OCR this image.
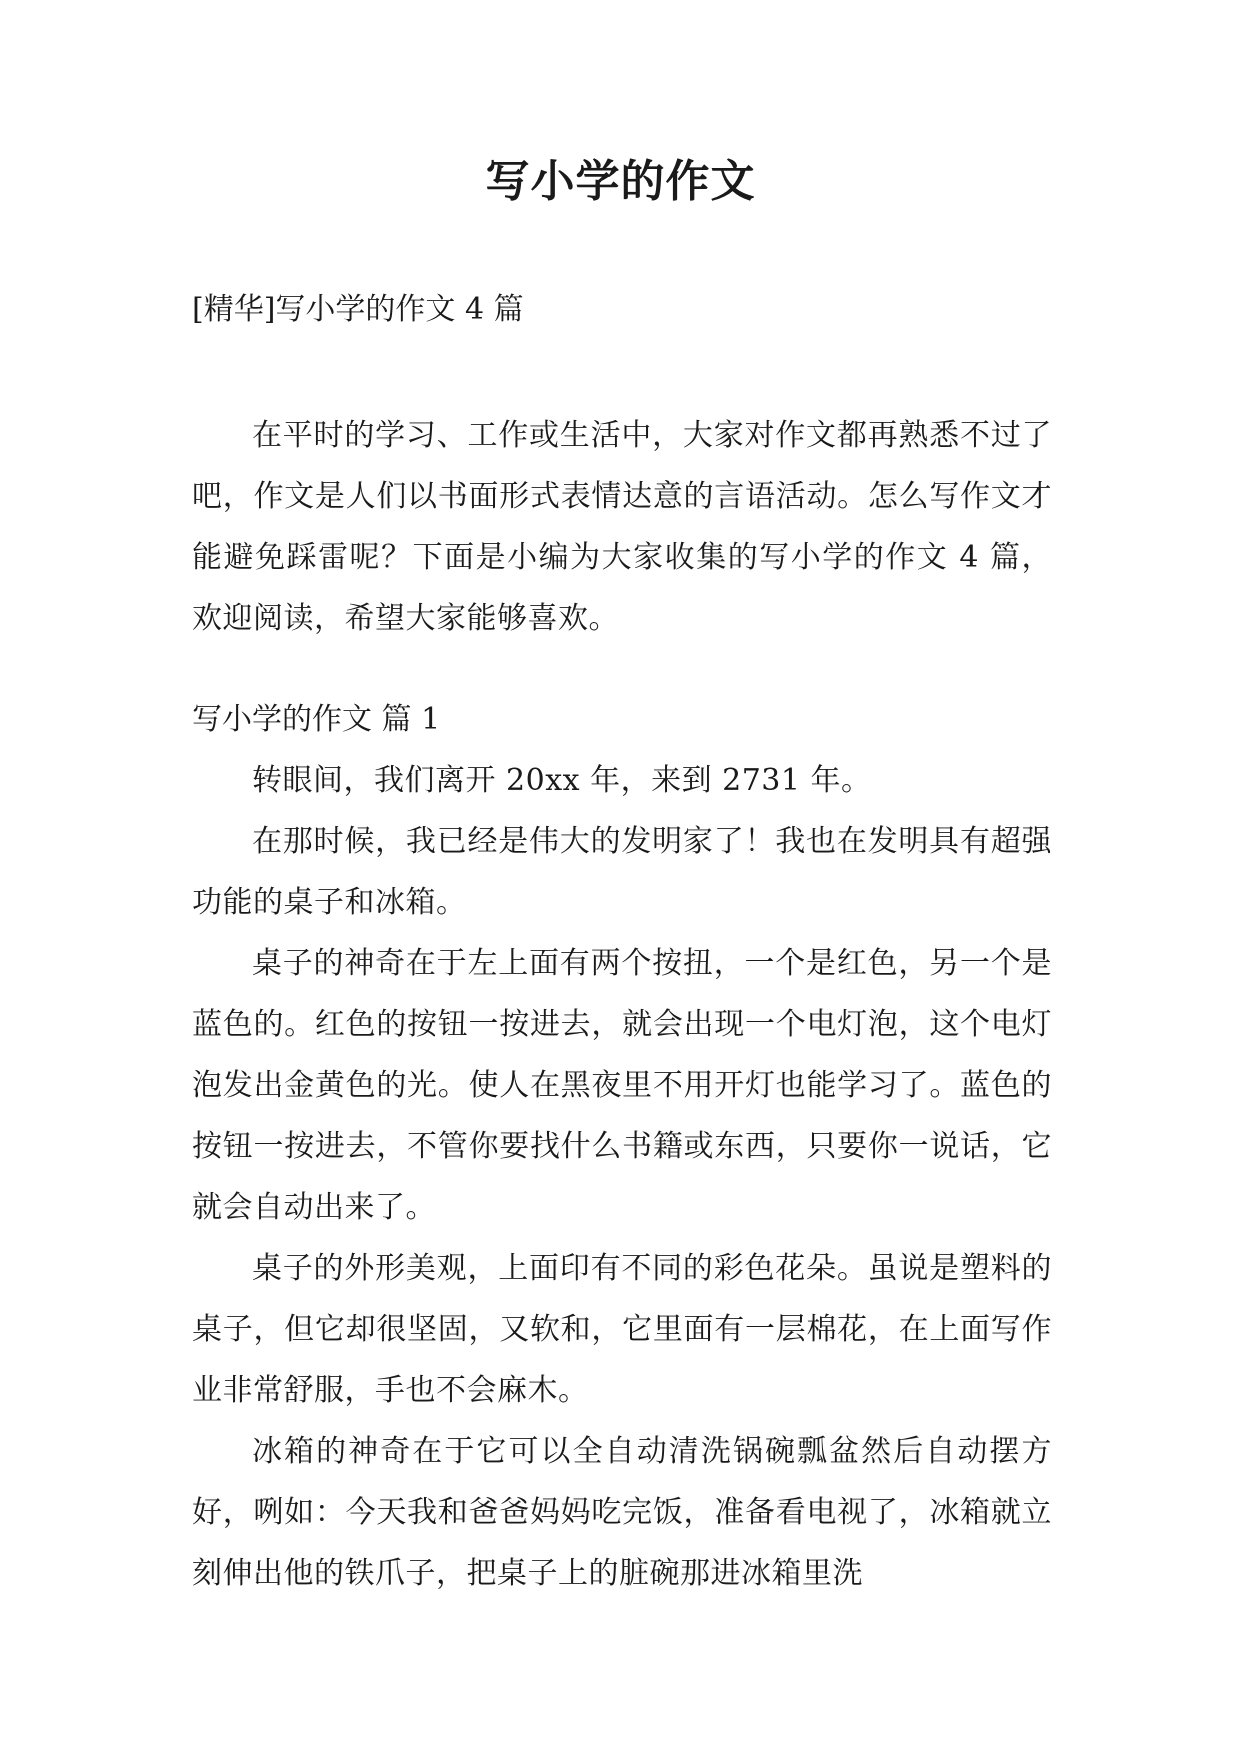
写小学的作文

[精华]写小学的作文 4 篇

在平时的学习、工作或生活中，大家对作文都再熟悉不过了吧，作文是人们以书面形式表情达意的言语活动。怎么写作文才能避免踩雷呢？下面是小编为大家收集的写小学的作文 4 篇，欢迎阅读，希望大家能够喜欢。

写小学的作文 篇 1

转眼间，我们离开 20xx 年，来到 2731 年。

在那时候，我已经是伟大的发明家了！我也在发明具有超强功能的桌子和冰箱。

桌子的神奇在于左上面有两个按扭，一个是红色，另一个是蓝色的。红色的按钮一按进去，就会出现一个电灯泡，这个电灯泡发出金黄色的光。使人在黑夜里不用开灯也能学习了。蓝色的按钮一按进去，不管你要找什么书籍或东西，只要你一说话，它就会自动出来了。

桌子的外形美观，上面印有不同的彩色花朵。虽说是塑料的桌子，但它却很坚固，又软和，它里面有一层棉花，在上面写作业非常舒服，手也不会麻木。

冰箱的神奇在于它可以全自动清洗锅碗瓢盆然后自动摆方好，咧如：今天我和爸爸妈妈吃完饭，准备看电视了，冰箱就立刻伸出他的铁爪子，把桌子上的脏碗那进冰箱里洗
